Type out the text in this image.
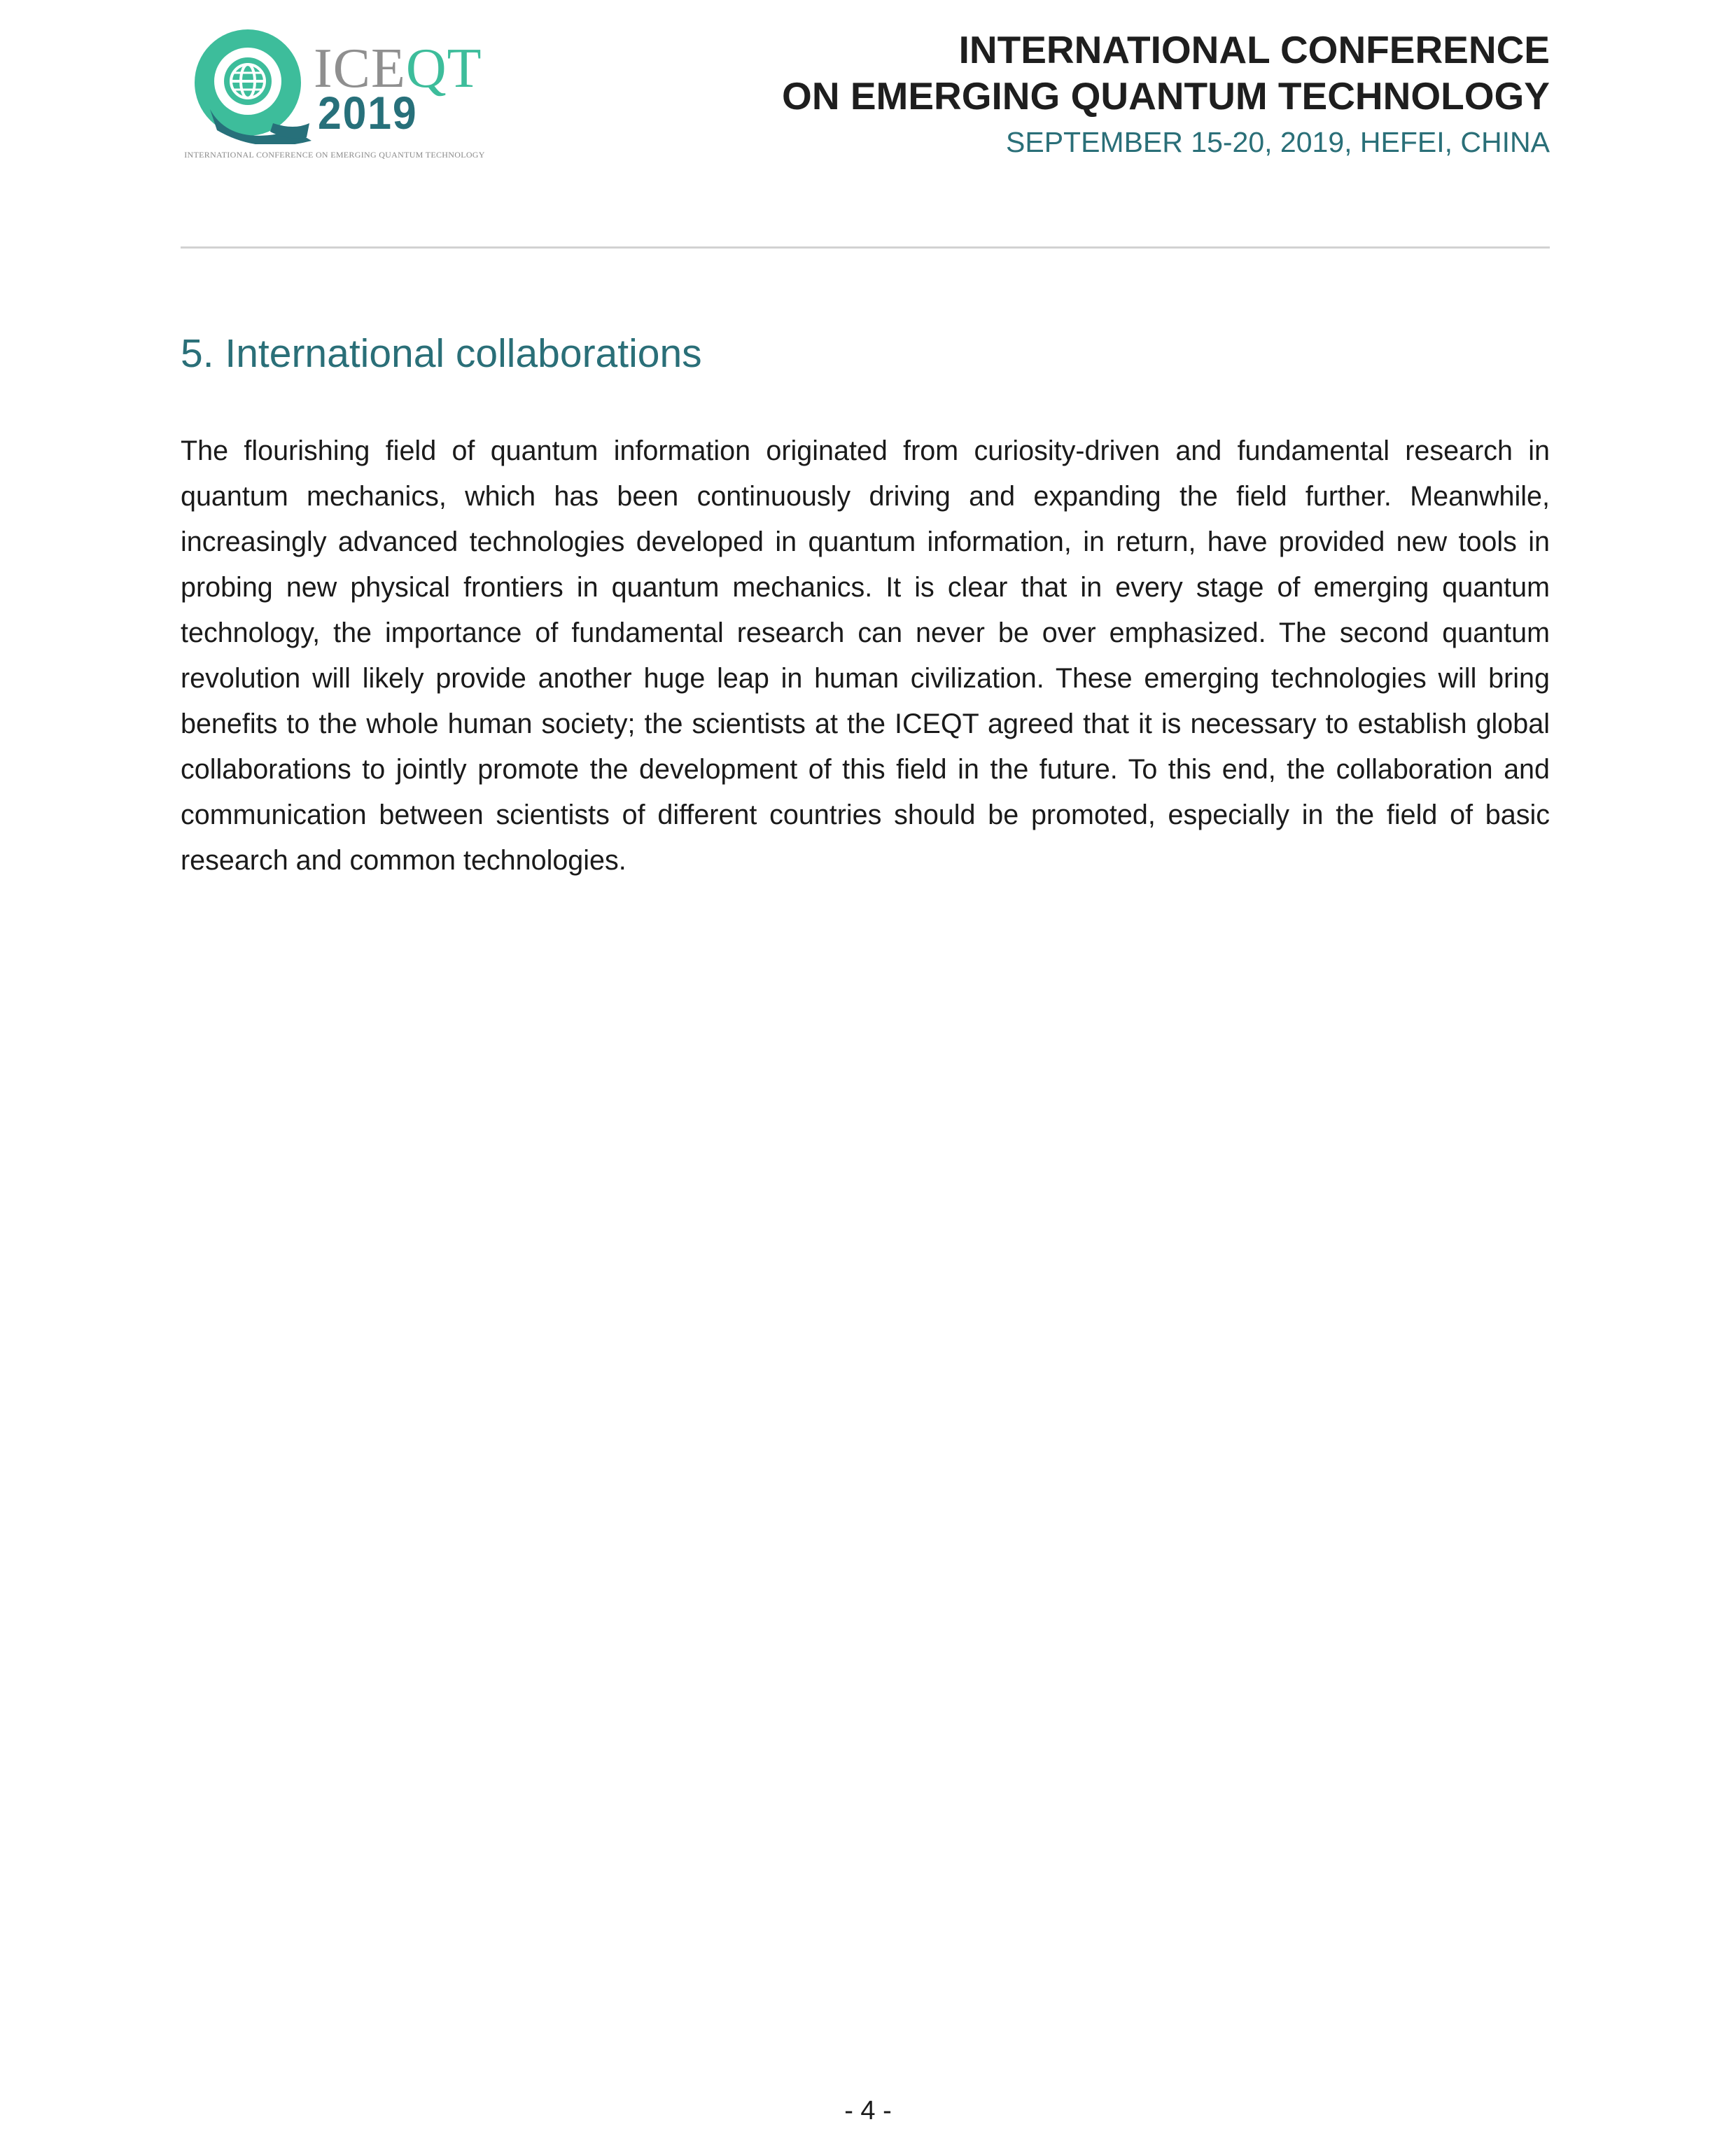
ICEQT
2019
INTERNATIONAL CONFERENCE ON EMERGING QUANTUM TECHNOLOGY
INTERNATIONAL CONFERENCE
ON EMERGING QUANTUM TECHNOLOGY
SEPTEMBER 15-20, 2019, HEFEI, CHINA
5. International collaborations

The flourishing field of quantum information originated from curiosity-driven and fundamental research in quantum mechanics, which has been continuously driving and expanding the field further. Meanwhile, increasingly advanced technologies developed in quantum information, in return, have provided new tools in probing new physical frontiers in quantum mechanics. It is clear that in every stage of emerging quantum technology, the importance of fundamental research can never be over emphasized. The second quantum revolution will likely provide another huge leap in human civilization. These emerging technologies will bring benefits to the whole human society; the scientists at the ICEQT agreed that it is necessary to establish global collaborations to jointly promote the development of this field in the future. To this end, the collaboration and communication between scientists of different countries should be promoted, especially in the field of basic research and common technologies.

- 4 -
